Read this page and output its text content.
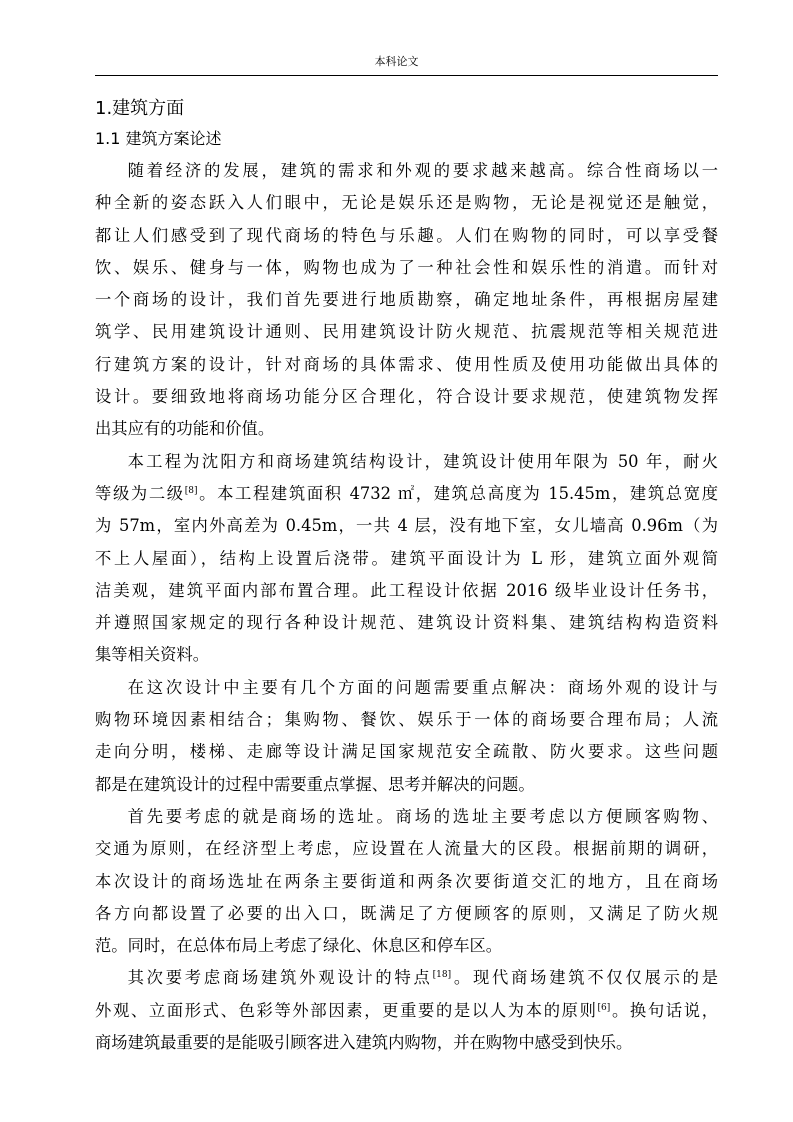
本科论文
1.建筑方面
1.1 建筑方案论述
随着经济的发展，建筑的需求和外观的要求越来越高。综合性商场以一
种全新的姿态跃入人们眼中，无论是娱乐还是购物，无论是视觉还是触觉，
都让人们感受到了现代商场的特色与乐趣。人们在购物的同时，可以享受餐
饮、娱乐、健身与一体，购物也成为了一种社会性和娱乐性的消遣。而针对
一个商场的设计，我们首先要进行地质勘察，确定地址条件，再根据房屋建
筑学、民用建筑设计通则、民用建筑设计防火规范、抗震规范等相关规范进
行建筑方案的设计，针对商场的具体需求、使用性质及使用功能做出具体的
设计。要细致地将商场功能分区合理化，符合设计要求规范，使建筑物发挥
出其应有的功能和价值。
本工程为沈阳方和商场建筑结构设计，建筑设计使用年限为 50 年，耐火
等级为二级[8]。本工程建筑面积 4732 ㎡，建筑总高度为 15.45m，建筑总宽度
为 57m，室内外高差为 0.45m，一共 4 层，没有地下室，女儿墙高 0.96m（为
不上人屋面），结构上设置后浇带。建筑平面设计为 L 形，建筑立面外观简
洁美观，建筑平面内部布置合理。此工程设计依据 2016 级毕业设计任务书，
并遵照国家规定的现行各种设计规范、建筑设计资料集、建筑结构构造资料
集等相关资料。
在这次设计中主要有几个方面的问题需要重点解决：商场外观的设计与
购物环境因素相结合；集购物、餐饮、娱乐于一体的商场要合理布局；人流
走向分明，楼梯、走廊等设计满足国家规范安全疏散、防火要求。这些问题
都是在建筑设计的过程中需要重点掌握、思考并解决的问题。
首先要考虑的就是商场的选址。商场的选址主要考虑以方便顾客购物、
交通为原则，在经济型上考虑，应设置在人流量大的区段。根据前期的调研，
本次设计的商场选址在两条主要街道和两条次要街道交汇的地方，且在商场
各方向都设置了必要的出入口，既满足了方便顾客的原则，又满足了防火规
范。同时，在总体布局上考虑了绿化、休息区和停车区。
其次要考虑商场建筑外观设计的特点[18]。现代商场建筑不仅仅展示的是
外观、立面形式、色彩等外部因素，更重要的是以人为本的原则[6]。换句话说，
商场建筑最重要的是能吸引顾客进入建筑内购物，并在购物中感受到快乐。
